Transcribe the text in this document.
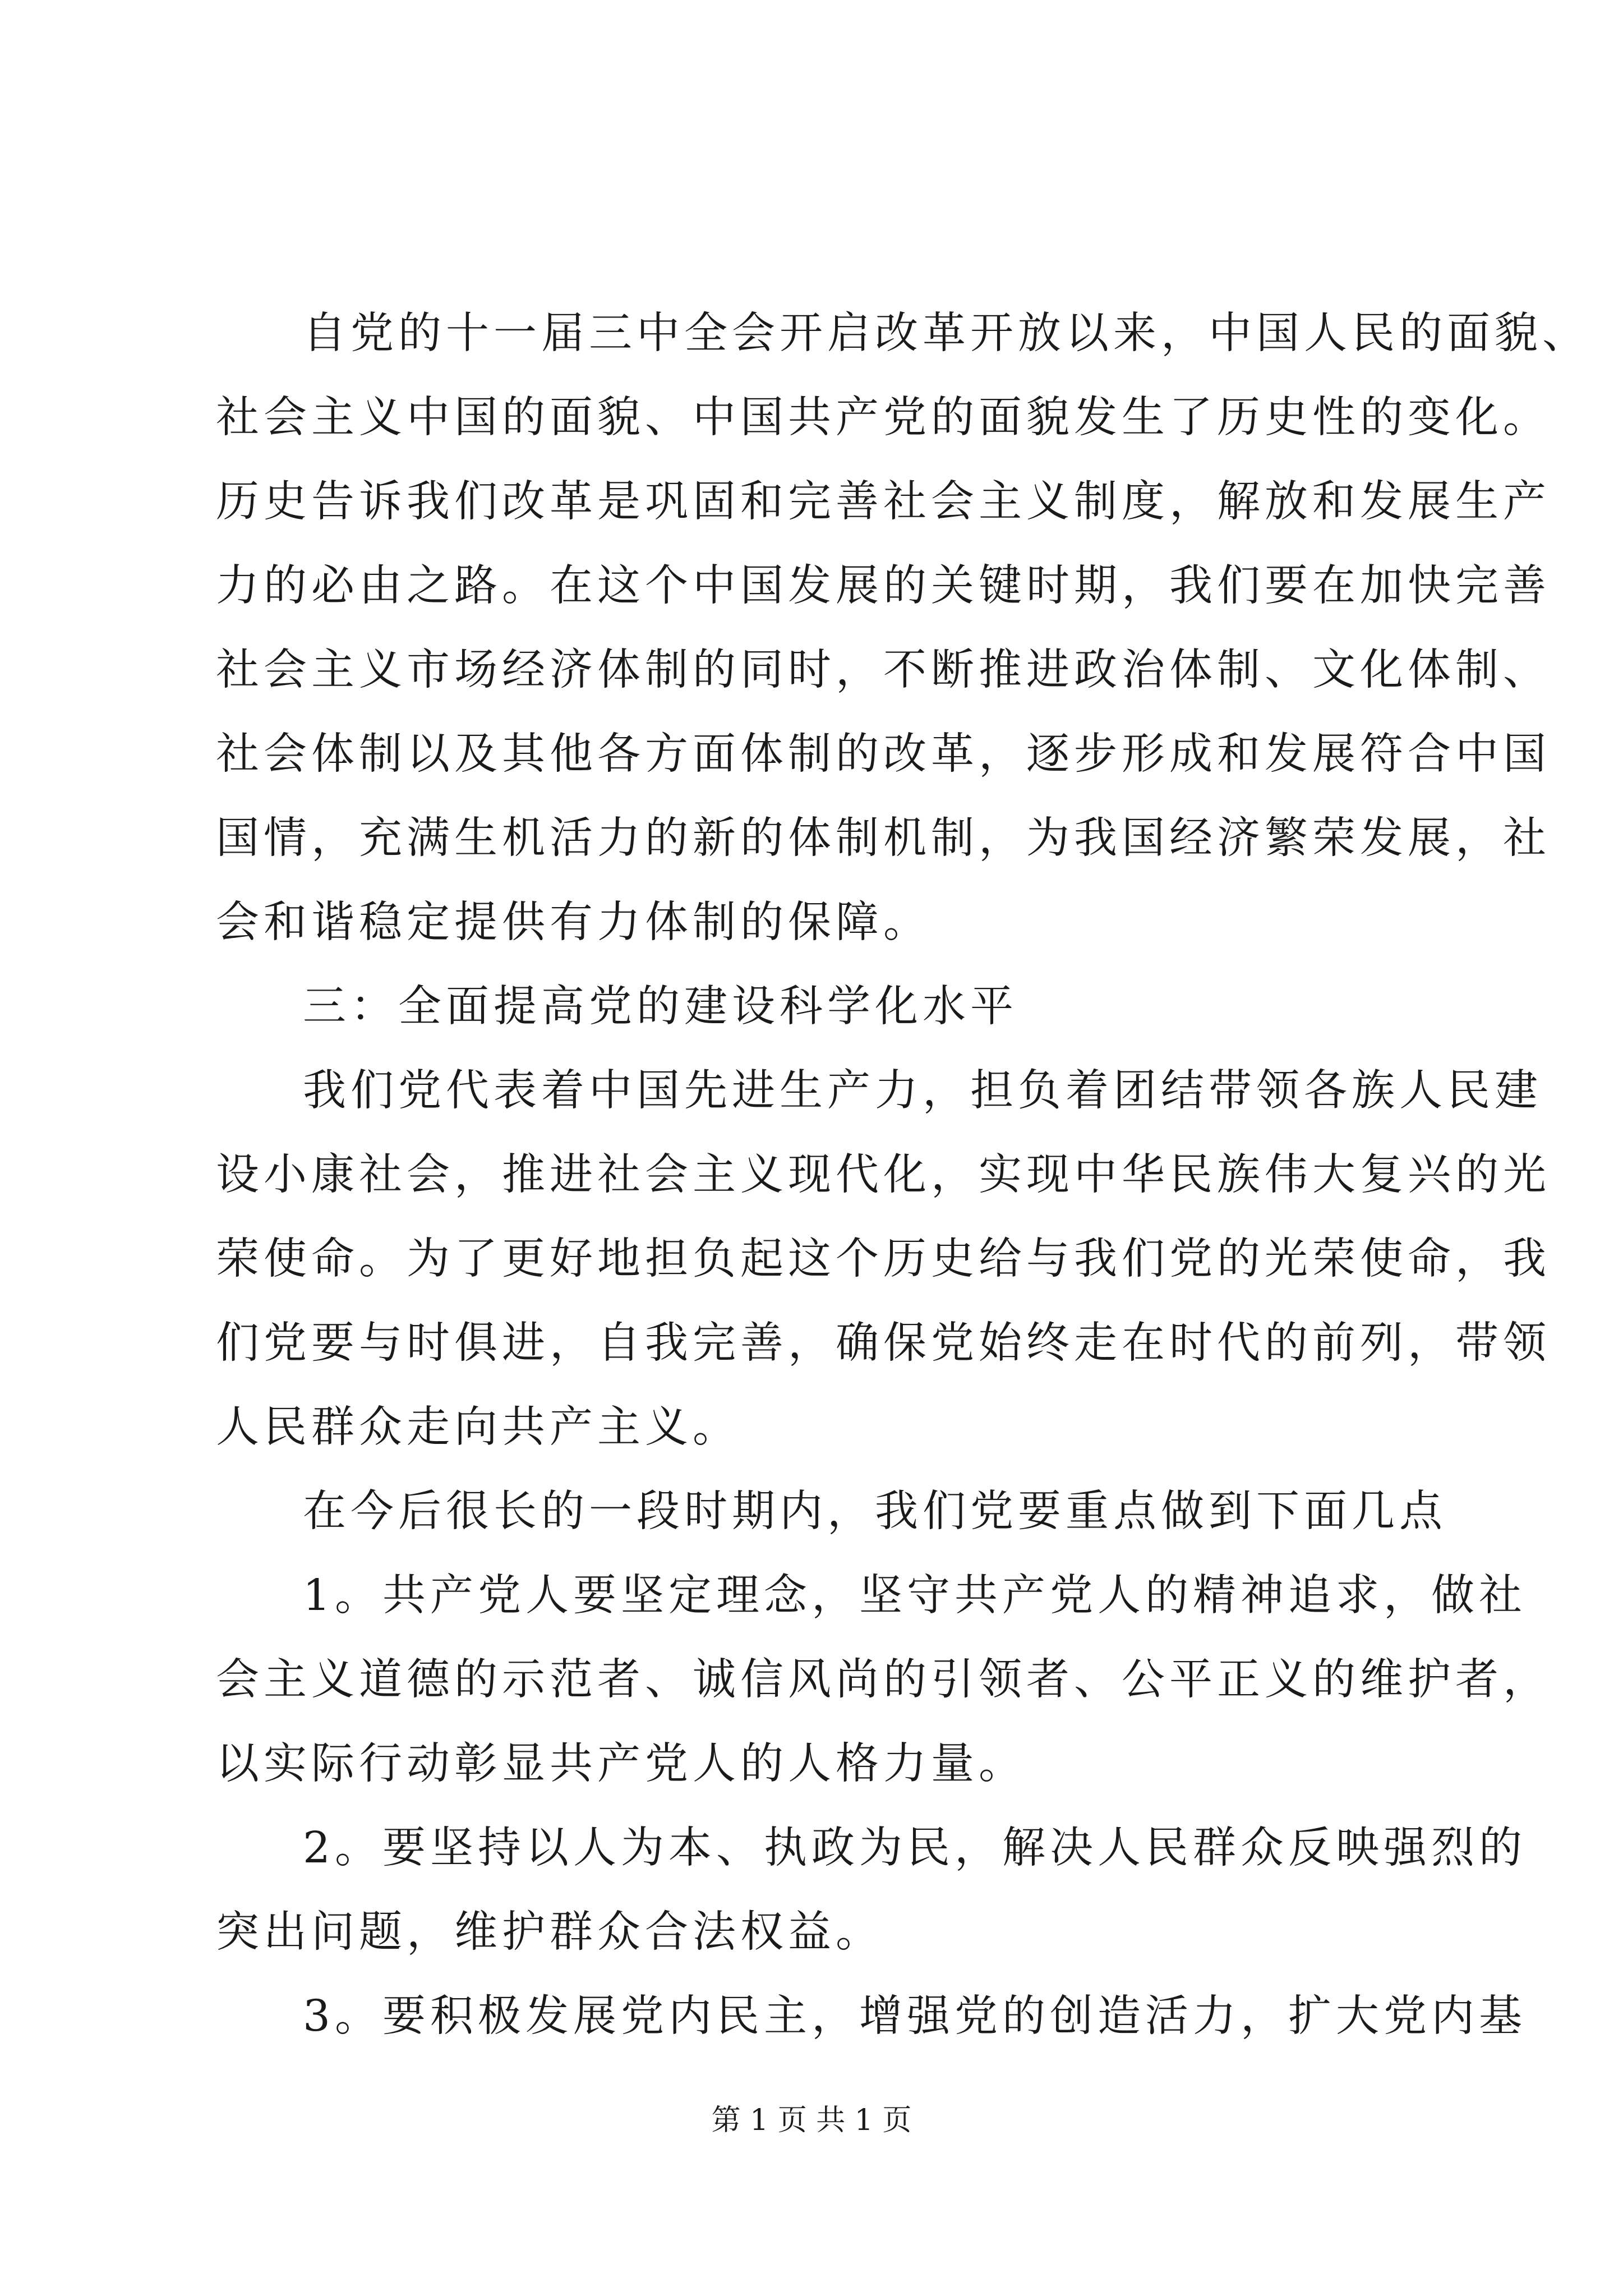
自党的十一届三中全会开启改革开放以来，中国人民的面貌、
社会主义中国的面貌、中国共产党的面貌发生了历史性的变化。
历史告诉我们改革是巩固和完善社会主义制度，解放和发展生产
力的必由之路。在这个中国发展的关键时期，我们要在加快完善
社会主义市场经济体制的同时，不断推进政治体制、文化体制、
社会体制以及其他各方面体制的改革，逐步形成和发展符合中国
国情，充满生机活力的新的体制机制，为我国经济繁荣发展，社
会和谐稳定提供有力体制的保障。
三：全面提高党的建设科学化水平
我们党代表着中国先进生产力，担负着团结带领各族人民建
设小康社会，推进社会主义现代化，实现中华民族伟大复兴的光
荣使命。为了更好地担负起这个历史给与我们党的光荣使命，我
们党要与时俱进，自我完善，确保党始终走在时代的前列，带领
人民群众走向共产主义。
在今后很长的一段时期内，我们党要重点做到下面几点
1。共产党人要坚定理念，坚守共产党人的精神追求，做社
会主义道德的示范者、诚信风尚的引领者、公平正义的维护者，
以实际行动彰显共产党人的人格力量。
2。要坚持以人为本、执政为民，解决人民群众反映强烈的
突出问题，维护群众合法权益。
3。要积极发展党内民主，增强党的创造活力，扩大党内基
第 1 页 共 1 页
